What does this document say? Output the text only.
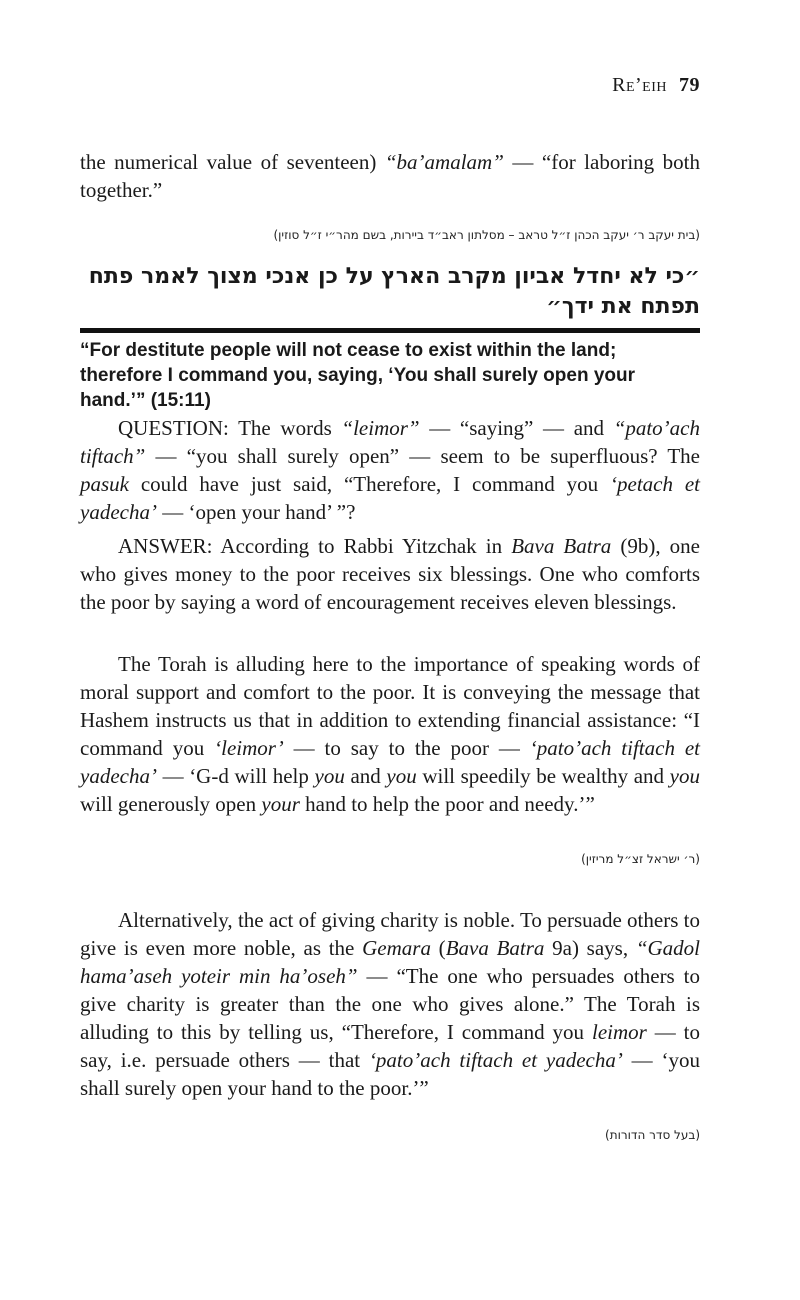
Re’eih 79

the numerical value of seventeen) “ba’amalam” — “for laboring both together.”

(בית יעקב ר׳ יעקב הכהן ז״ל טראב – מסלתון ראב״ד ביירות, בשם מהר״י ז״ל סוזין)

״כי לא יחדל אביון מקרב הארץ על כן אנכי מצוך לאמר פתח תפתח את ידך״

“For destitute people will not cease to exist within the land; therefore I command you, saying, ‘You shall surely open your hand.’” (15:11)

QUESTION: The words “leimor” — “saying” — and “pato’ach tiftach” — “you shall surely open” — seem to be superfluous? The pasuk could have just said, “Therefore, I command you ‘petach et yadecha’ — ‘open your hand’ ”?

ANSWER: According to Rabbi Yitzchak in Bava Batra (9b), one who gives money to the poor receives six blessings. One who comforts the poor by saying a word of encouragement receives eleven blessings.

The Torah is alluding here to the importance of speaking words of moral support and comfort to the poor. It is conveying the message that Hashem instructs us that in addition to extending financial assistance: “I command you ‘leimor’ — to say to the poor — ‘pato’ach tiftach et yadecha’ — ‘G-d will help you and you will speedily be wealthy and you will generously open your hand to help the poor and needy.’”

(ר׳ ישראל זצ״ל מריזין)

Alternatively, the act of giving charity is noble. To persuade others to give is even more noble, as the Gemara (Bava Batra 9a) says, “Gadol hama’aseh yoteir min ha’oseh” — “The one who persuades others to give charity is greater than the one who gives alone.” The Torah is alluding to this by telling us, “Therefore, I command you leimor — to say, i.e. persuade others — that ‘pato’ach tiftach et yadecha’ — ‘you shall surely open your hand to the poor.’”

(בעל סדר הדורות)
